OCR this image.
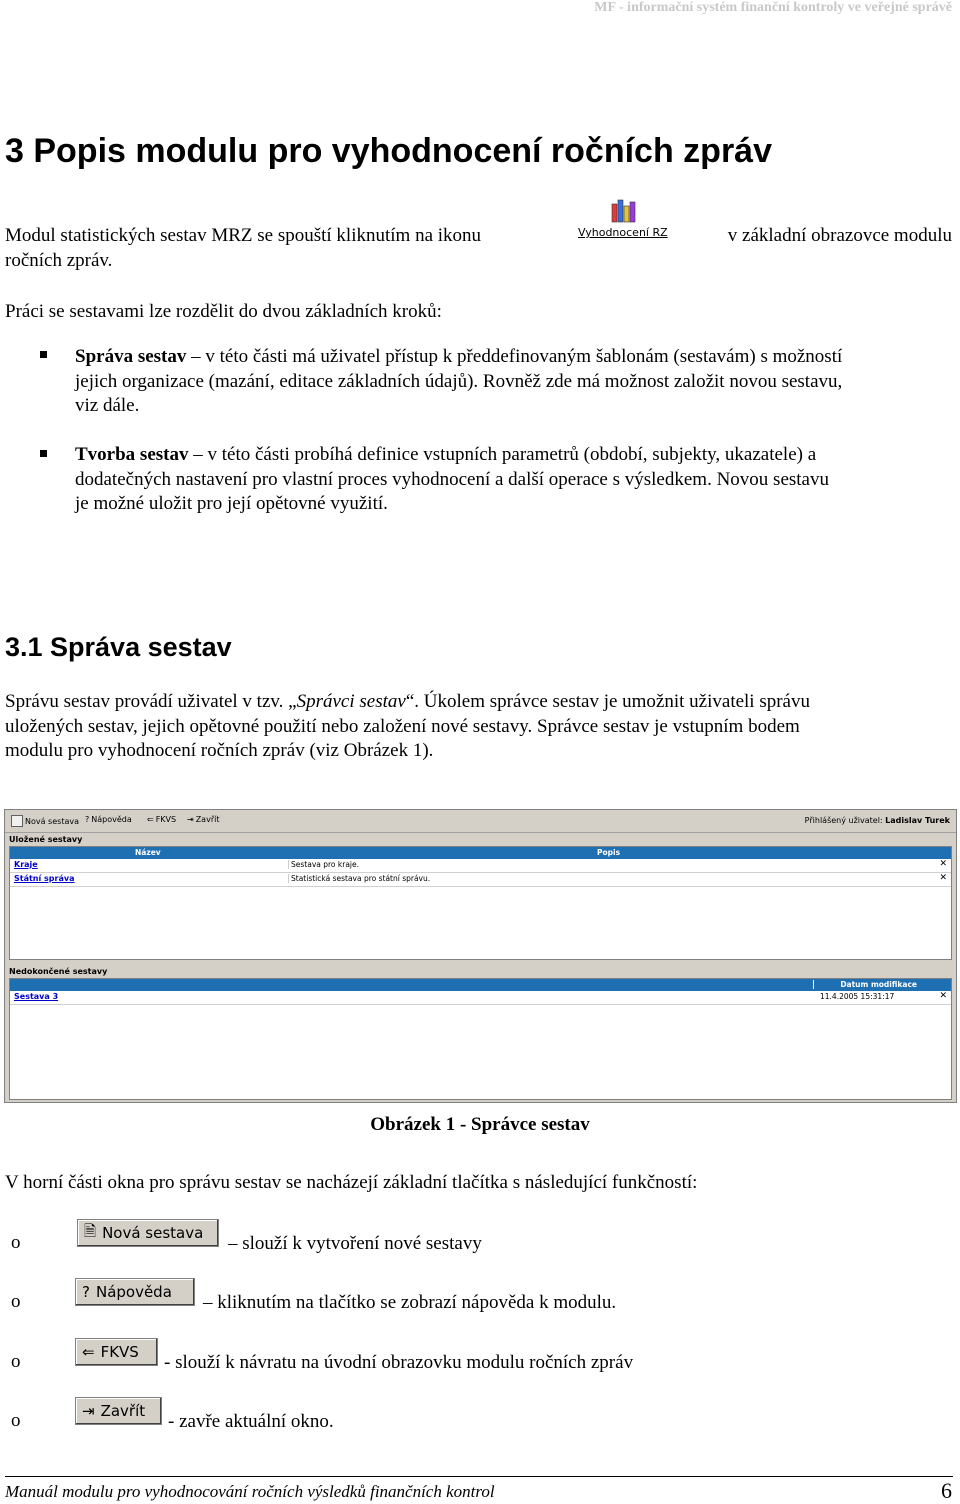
MF - informační systém finanční kontroly ve veřejné správě
3 Popis modulu pro vyhodnocení ročních zpráv
Modul statistických sestav MRZ se spouští kliknutím na ikonu	Vyhodnocení RZ	v základní obrazovce modulu
ročních zpráv.
Práci se sestavami lze rozdělit do dvou základních kroků:
Správa sestav – v této části má uživatel přístup k předdefinovaným šablonám (sestavám) s možností
jejich organizace (mazání, editace základních údajů). Rovněž zde má možnost založit novou sestavu,
viz dále.
Tvorba sestav – v této části probíhá definice vstupních parametrů (období, subjekty, ukazatele) a
dodatečných nastavení pro vlastní proces vyhodnocení a další operace s výsledkem. Novou sestavu
je možné uložit pro její opětovné využití.
3.1 Správa sestav
Správu sestav provádí uživatel v tzv. „Správci sestav“. Úkolem správce sestav je umožnit uživateli správu
uložených sestav, jejich opětovné použití nebo založení nové sestavy. Správce sestav je vstupním bodem
modulu pro vyhodnocení ročních zpráv (viz Obrázek 1).
Nová sestava ? Nápověda ⇐ FKVS ⇥ Zavřít	Přihlášený uživatel: Ladislav Turek
Uložené sestavy
Název	Popis
Kraje	Sestava pro kraje.	✕
Státní správa	Statistická sestava pro státní správu.	✕
Nedokončené sestavy
Datum modifikace
Sestava 3	11.4.2005 15:31:17	✕
Obrázek 1 - Správce sestav
V horní části okna pro správu sestav se nacházejí základní tlačítka s následující funkčností:
o
🗎 Nová sestava – slouží k vytvoření nové sestavy
o	? Nápověda – kliknutím na tlačítko se zobrazí nápověda k modulu.
o	⇐ FKVS - slouží k návratu na úvodní obrazovku modulu ročních zpráv
o	⇥ Zavřít - zavře aktuální okno.
Manuál modulu pro vyhodnocování ročních výsledků finančních kontrol	6
